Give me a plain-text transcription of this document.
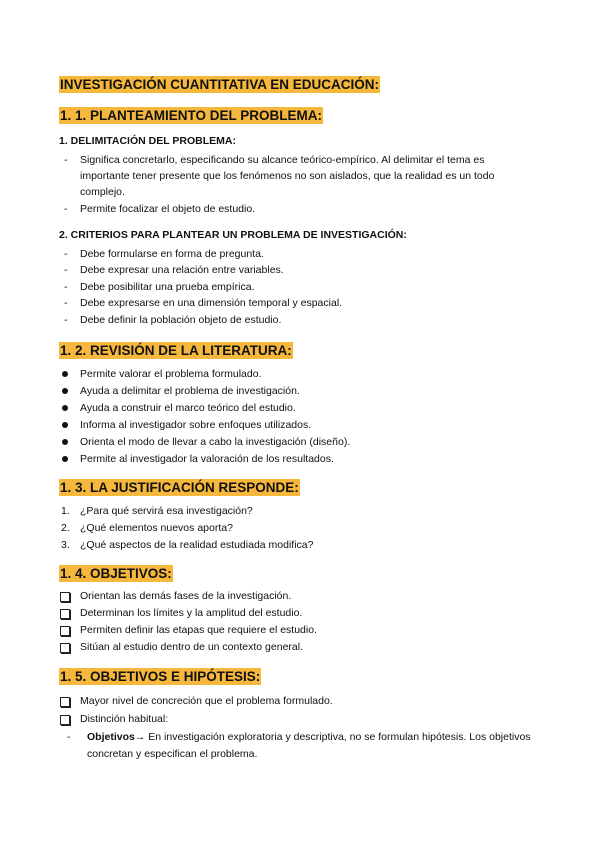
INVESTIGACIÓN CUANTITATIVA EN EDUCACIÓN:
1. 1. PLANTEAMIENTO DEL PROBLEMA:
1. DELIMITACIÓN DEL PROBLEMA:
- Significa concretarlo, especificando su alcance teórico-empírico. Al delimitar el tema es
importante tener presente que los fenómenos no son aislados, que la realidad es un todo
complejo.
- Permite focalizar el objeto de estudio.
2. CRITERIOS PARA PLANTEAR UN PROBLEMA DE INVESTIGACIÓN:
- Debe formularse en forma de pregunta.
- Debe expresar una relación entre variables.
- Debe posibilitar una prueba empírica.
- Debe expresarse en una dimensión temporal y espacial.
- Debe definir la población objeto de estudio.
1. 2. REVISIÓN DE LA LITERATURA:
Permite valorar el problema formulado.
Ayuda a delimitar el problema de investigación.
Ayuda a construir el marco teórico del estudio.
Informa al investigador sobre enfoques utilizados.
Orienta el modo de llevar a cabo la investigación (diseño).
Permite al investigador la valoración de los resultados.
1. 3. LA JUSTIFICACIÓN RESPONDE:
1. ¿Para qué servirá esa investigación?
2. ¿Qué elementos nuevos aporta?
3. ¿Qué aspectos de la realidad estudiada modifica?
1. 4. OBJETIVOS:
Orientan las demás fases de la investigación.
Determinan los límites y la amplitud del estudio.
Permiten definir las etapas que requiere el estudio.
Sitúan al estudio dentro de un contexto general.
1. 5. OBJETIVOS E HIPÓTESIS:
Mayor nivel de concreción que el problema formulado.
Distinción habitual:
- Objetivos→ En investigación exploratoria y descriptiva, no se formulan hipótesis. Los objetivos
concretan y especifican el problema.
